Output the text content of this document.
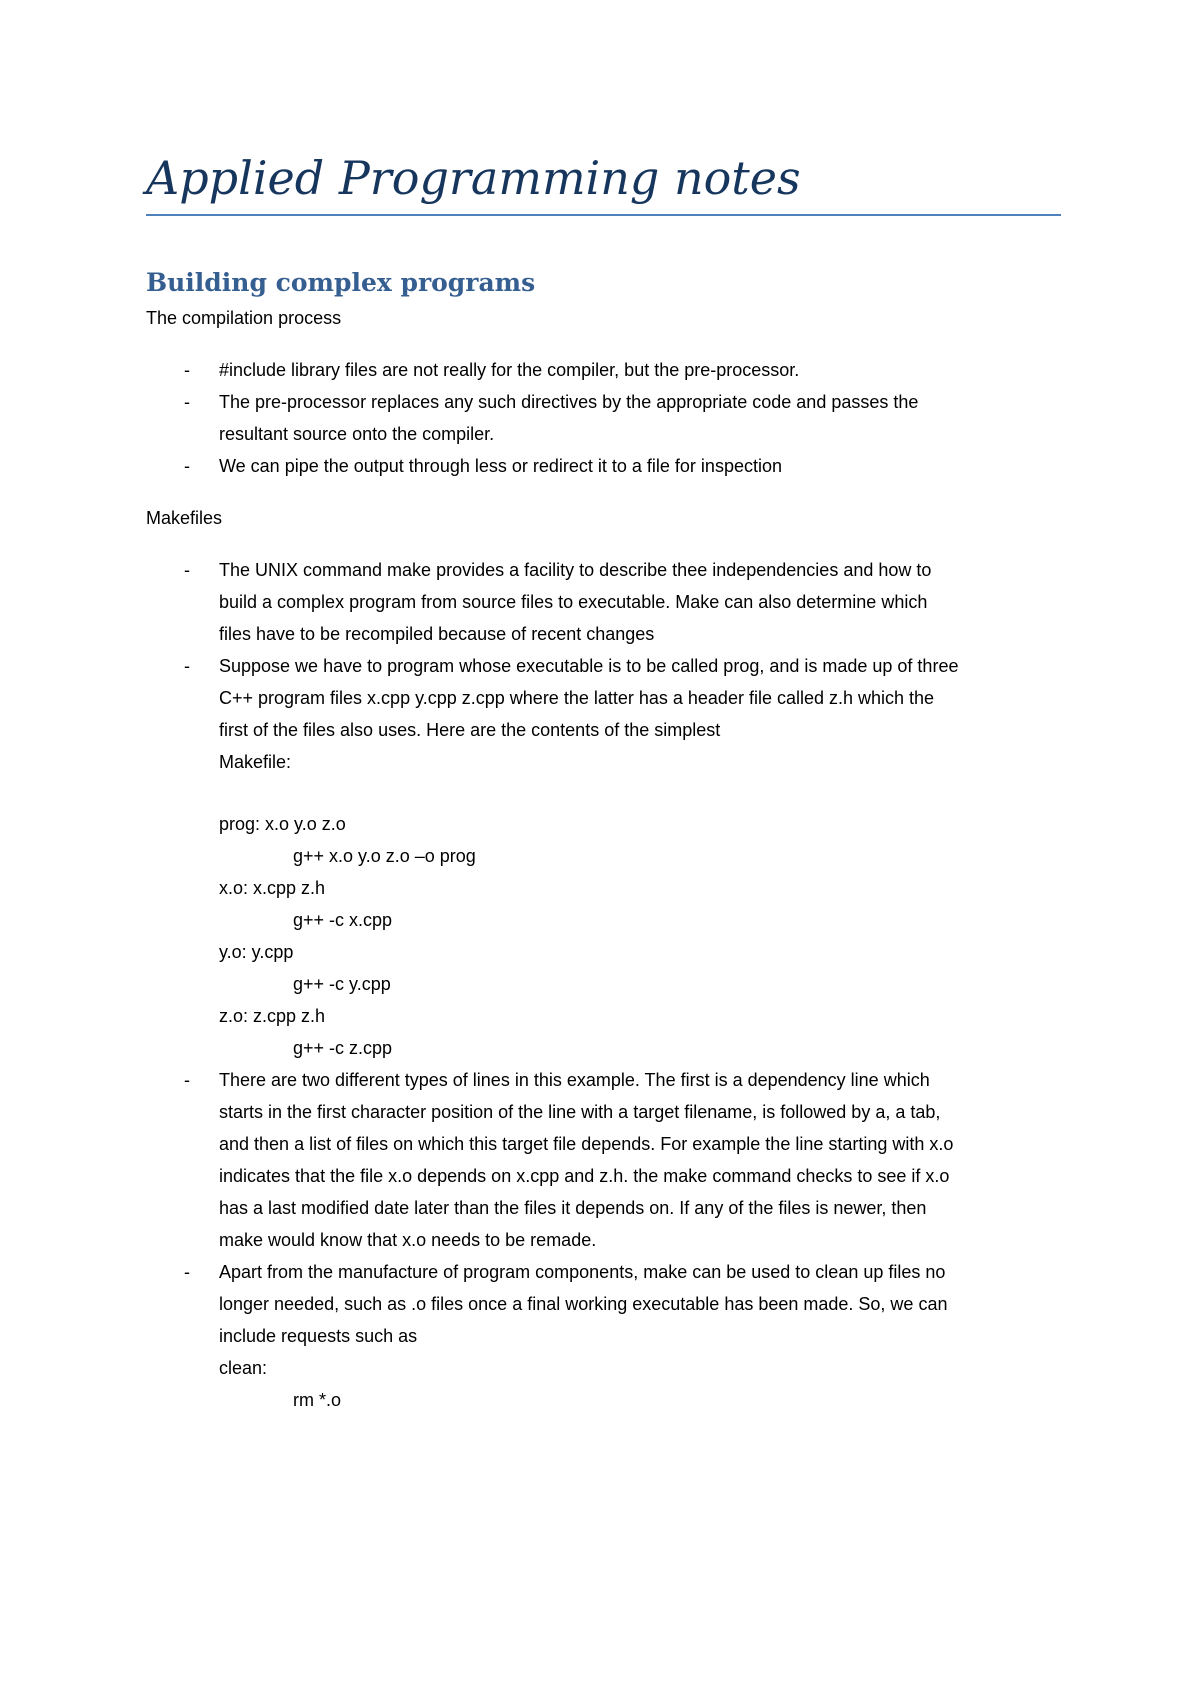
Applied Programming notes
Building complex programs

The compilation process

- #include library files are not really for the compiler, but the pre-processor.
- The pre-processor replaces any such directives by the appropriate code and passes the
resultant source onto the compiler.
- We can pipe the output through less or redirect it to a file for inspection

Makefiles

- The UNIX command make provides a facility to describe thee independencies and how to
build a complex program from source files to executable. Make can also determine which
files have to be recompiled because of recent changes
- Suppose we have to program whose executable is to be called prog, and is made up of three
C++ program files x.cpp y.cpp z.cpp where the latter has a header file called z.h which the
first of the files also uses. Here are the contents of the simplest
Makefile:
prog: x.o y.o z.o
g++ x.o y.o z.o –o prog
x.o: x.cpp z.h
g++ -c x.cpp
y.o: y.cpp
g++ -c y.cpp
z.o: z.cpp z.h
g++ -c z.cpp
- There are two different types of lines in this example. The first is a dependency line which
starts in the first character position of the line with a target filename, is followed by a, a tab,
and then a list of files on which this target file depends. For example the line starting with x.o
indicates that the file x.o depends on x.cpp and z.h. the make command checks to see if x.o
has a last modified date later than the files it depends on. If any of the files is newer, then
make would know that x.o needs to be remade.
- Apart from the manufacture of program components, make can be used to clean up files no
longer needed, such as .o files once a final working executable has been made. So, we can
include requests such as
clean:
rm *.o
